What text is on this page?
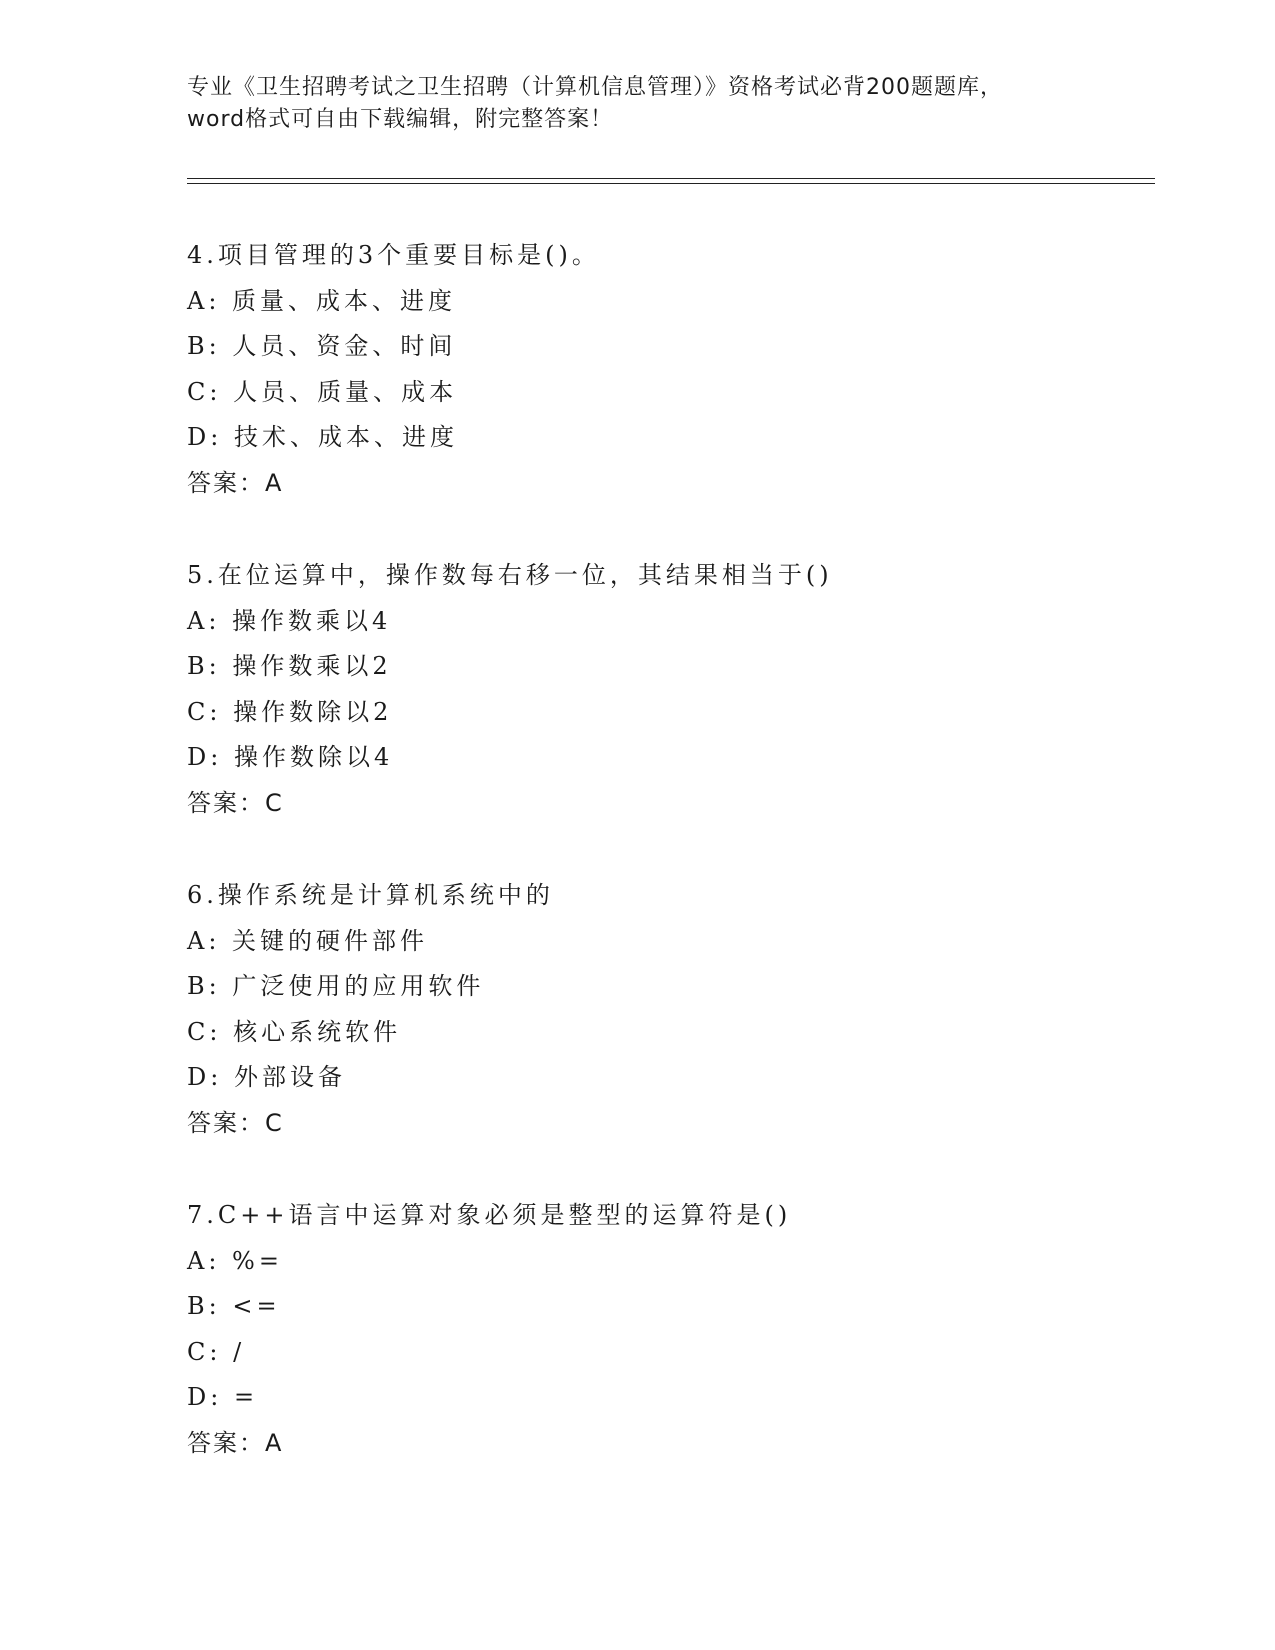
专业《卫生招聘考试之卫生招聘（计算机信息管理）》资格考试必背200题题库，
word格式可自由下载编辑，附完整答案！
4.项目管理的3个重要目标是()。
A: 质量、成本、进度
B: 人员、资金、时间
C: 人员、质量、成本
D: 技术、成本、进度
答案：A
5.在位运算中，操作数每右移一位，其结果相当于()
A: 操作数乘以4
B: 操作数乘以2
C: 操作数除以2
D: 操作数除以4
答案：C
6.操作系统是计算机系统中的
A: 关键的硬件部件
B: 广泛使用的应用软件
C: 核心系统软件
D: 外部设备
答案：C
7.C++语言中运算对象必须是整型的运算符是()
A: %=
B: <=
C: /
D: =
答案：A
